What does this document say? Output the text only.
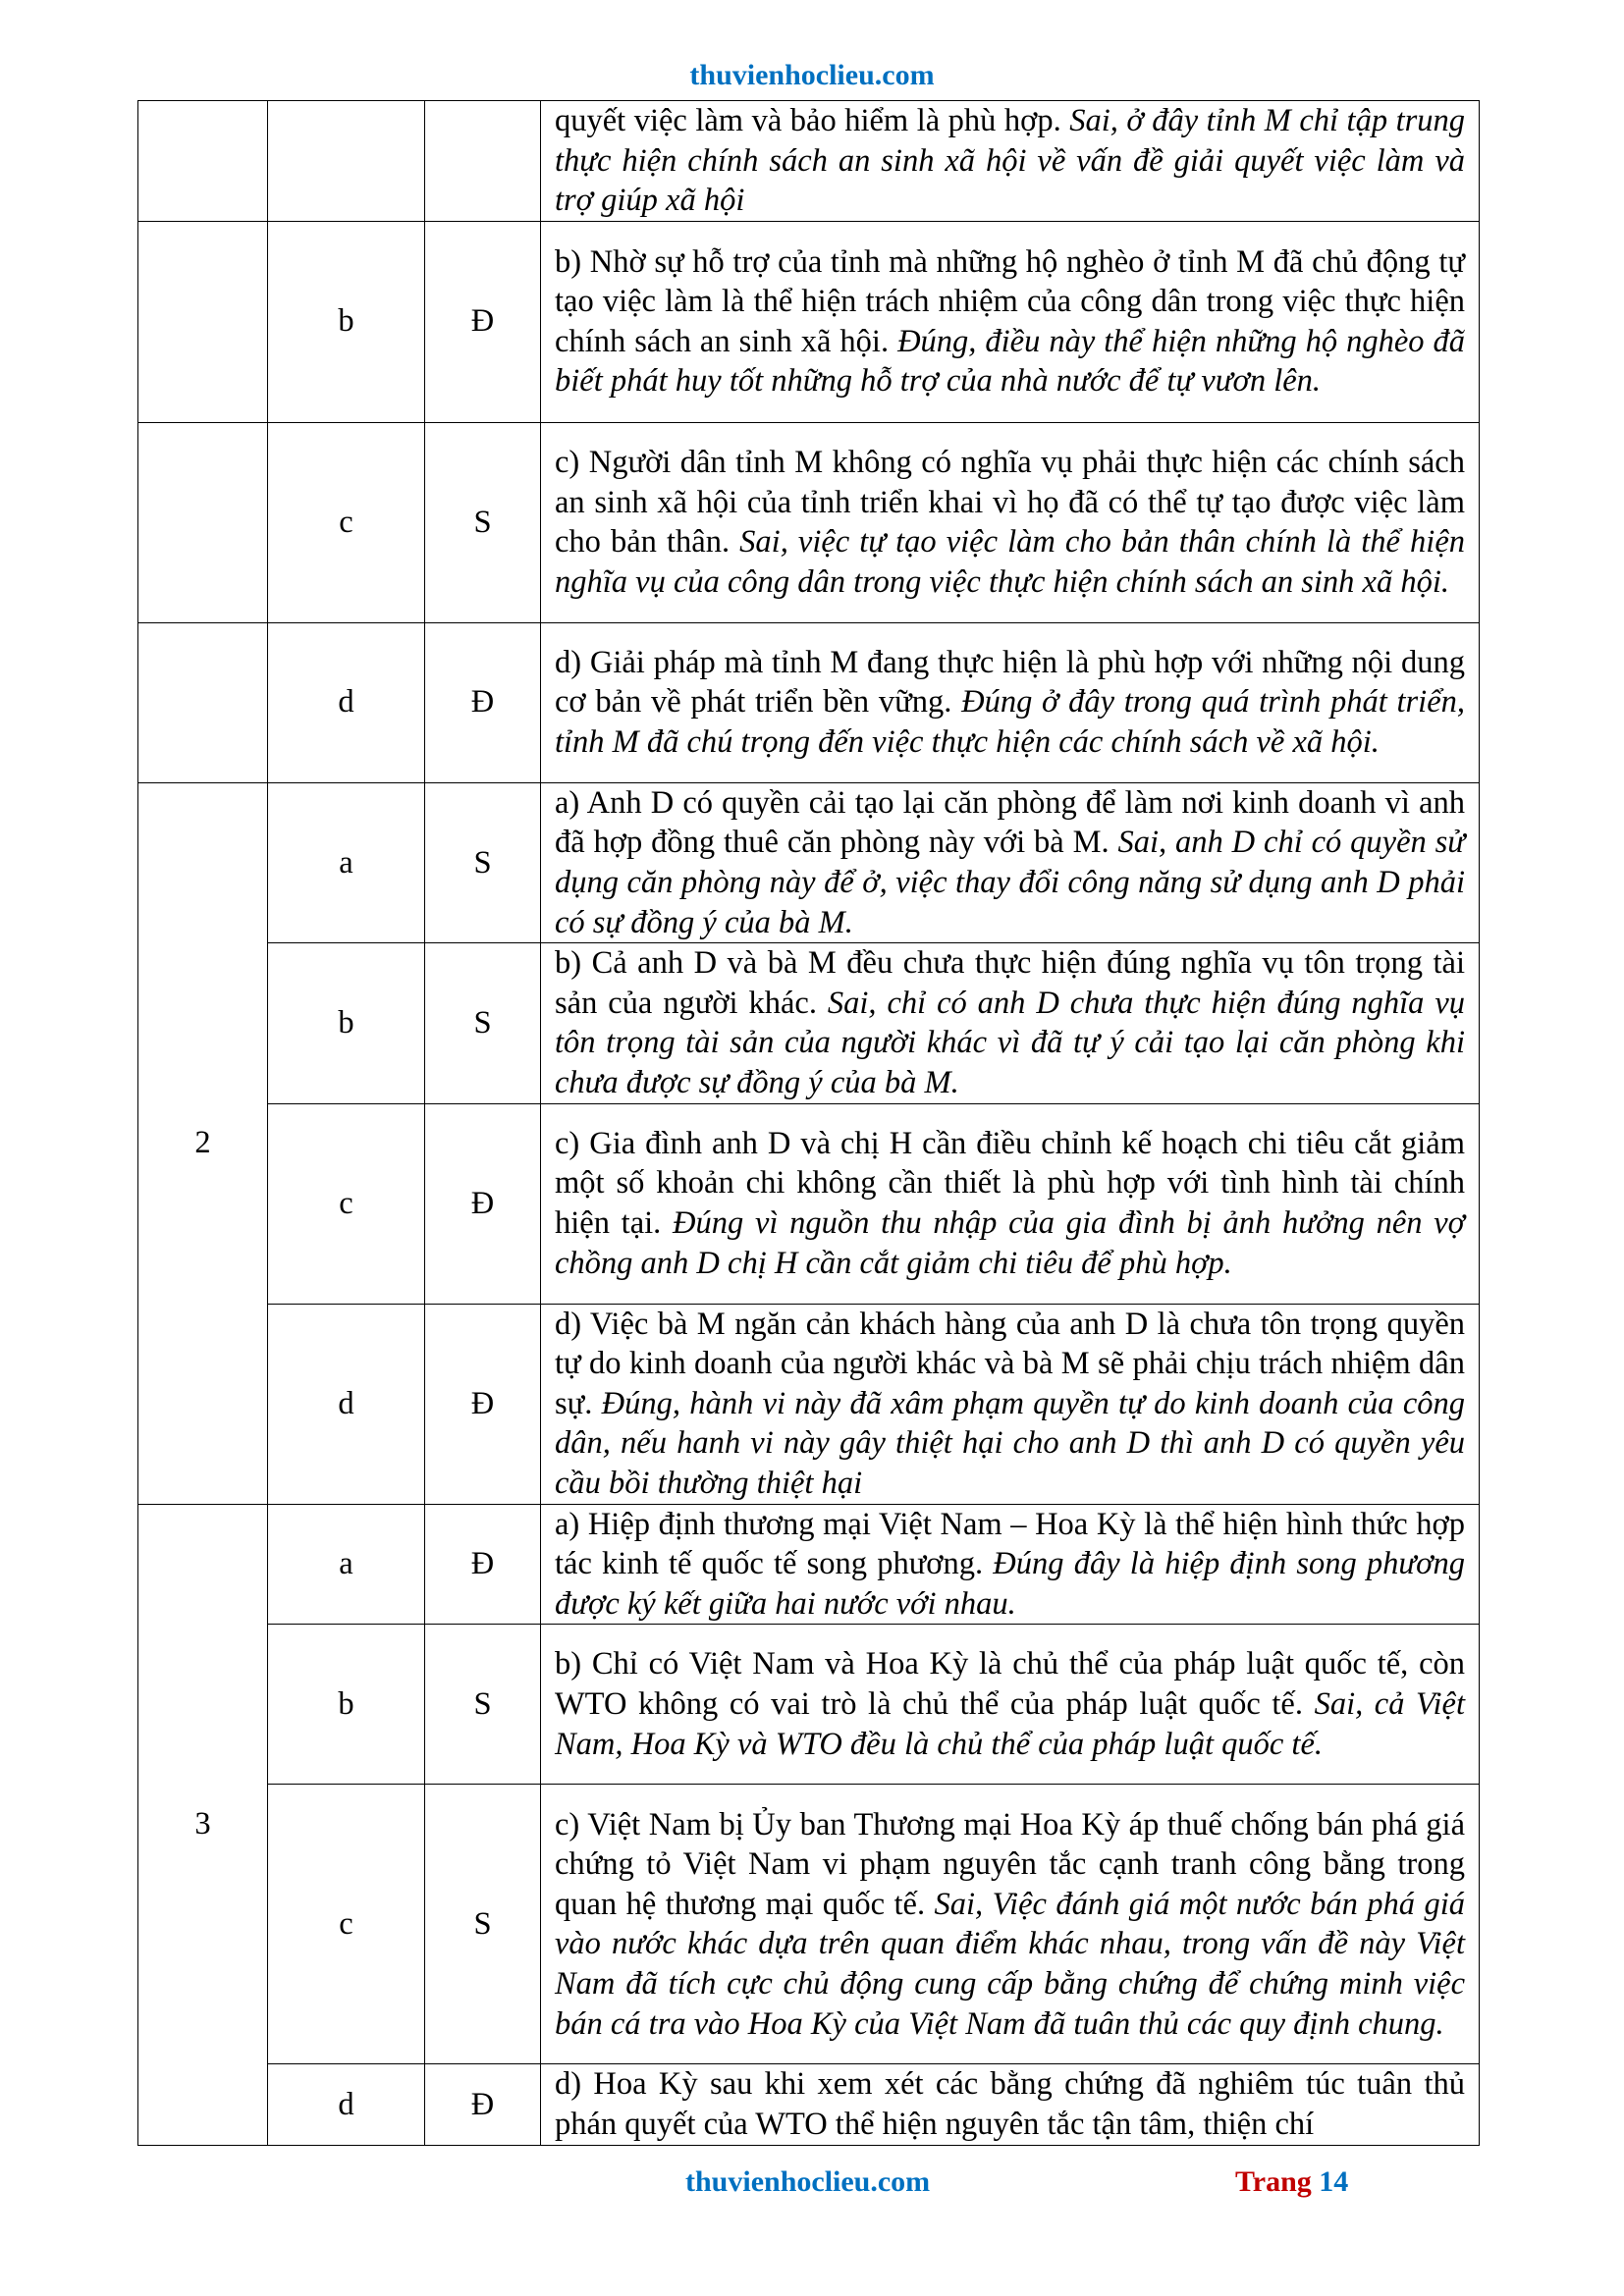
thuvienhoclieu.com
			quyết việc làm và bảo hiểm là phù hợp. Sai, ở đây tỉnh M chỉ tập trung thực hiện chính sách an sinh xã hội về vấn đề giải quyết việc làm và trợ giúp xã hội
	b	Đ	b) Nhờ sự hỗ trợ của tỉnh mà những hộ nghèo ở tỉnh M đã chủ động tự tạo việc làm là thể hiện trách nhiệm của công dân trong việc thực hiện chính sách an sinh xã hội. Đúng, điều này thể hiện những hộ nghèo đã biết phát huy tốt những hỗ trợ của nhà nước để tự vươn lên.
	c	S	c) Người dân tỉnh M không có nghĩa vụ phải thực hiện các chính sách an sinh xã hội của tỉnh triển khai vì họ đã có thể tự tạo được việc làm cho bản thân. Sai, việc tự tạo việc làm cho bản thân chính là thể hiện nghĩa vụ của công dân trong việc thực hiện chính sách an sinh xã hội.
	d	Đ	d) Giải pháp mà tỉnh M đang thực hiện là phù hợp với những nội dung cơ bản về phát triển bền vững. Đúng ở đây trong quá trình phát triển, tỉnh M đã chú trọng đến việc thực hiện các chính sách về xã hội.
2	a	S	a) Anh D có quyền cải tạo lại căn phòng để làm nơi kinh doanh vì anh đã hợp đồng thuê căn phòng này với bà M. Sai, anh D chỉ có quyền sử dụng căn phòng này để ở, việc thay đổi công năng sử dụng anh D phải có sự đồng ý của bà M.
	b	S	b) Cả anh D và bà M đều chưa thực hiện đúng nghĩa vụ tôn trọng tài sản của người khác. Sai, chỉ có anh D chưa thực hiện đúng nghĩa vụ tôn trọng tài sản của người khác vì đã tự ý cải tạo lại căn phòng khi chưa được sự đồng ý của bà M.
	c	Đ	c) Gia đình anh D và chị H cần điều chỉnh kế hoạch chi tiêu cắt giảm một số khoản chi không cần thiết là phù hợp với tình hình tài chính hiện tại. Đúng vì nguồn thu nhập của gia đình bị ảnh hưởng nên vợ chồng anh D chị H cần cắt giảm chi tiêu để phù hợp.
	d	Đ	d) Việc bà M ngăn cản khách hàng của anh D là chưa tôn trọng quyền tự do kinh doanh của người khác và bà M sẽ phải chịu trách nhiệm dân sự. Đúng, hành vi này đã xâm phạm quyền tự do kinh doanh của công dân, nếu hanh vi này gây thiệt hại cho anh D thì anh D có quyền yêu cầu bồi thường thiệt hại
3	a	Đ	a) Hiệp định thương mại Việt Nam – Hoa Kỳ là thể hiện hình thức hợp tác kinh tế quốc tế song phương. Đúng đây là hiệp định song phương được ký kết giữa hai nước với nhau.
	b	S	b) Chỉ có Việt Nam và Hoa Kỳ là chủ thể của pháp luật quốc tế, còn WTO không có vai trò là chủ thể của pháp luật quốc tế. Sai, cả Việt Nam, Hoa Kỳ và WTO đều là chủ thể của pháp luật quốc tế.
	c	S	c) Việt Nam bị Ủy ban Thương mại Hoa Kỳ áp thuế chống bán phá giá chứng tỏ Việt Nam vi phạm nguyên tắc cạnh tranh công bằng trong quan hệ thương mại quốc tế. Sai, Việc đánh giá một nước bán phá giá vào nước khác dựa trên quan điểm khác nhau, trong vấn đề này Việt Nam đã tích cực chủ động cung cấp bằng chứng để chứng minh việc bán cá tra vào Hoa Kỳ của Việt Nam đã tuân thủ các quy định chung.
	d	Đ	d) Hoa Kỳ sau khi xem xét các bằng chứng đã nghiêm túc tuân thủ phán quyết của WTO thể hiện nguyên tắc tận tâm, thiện chí
thuvienhoclieu.com	Trang 14
